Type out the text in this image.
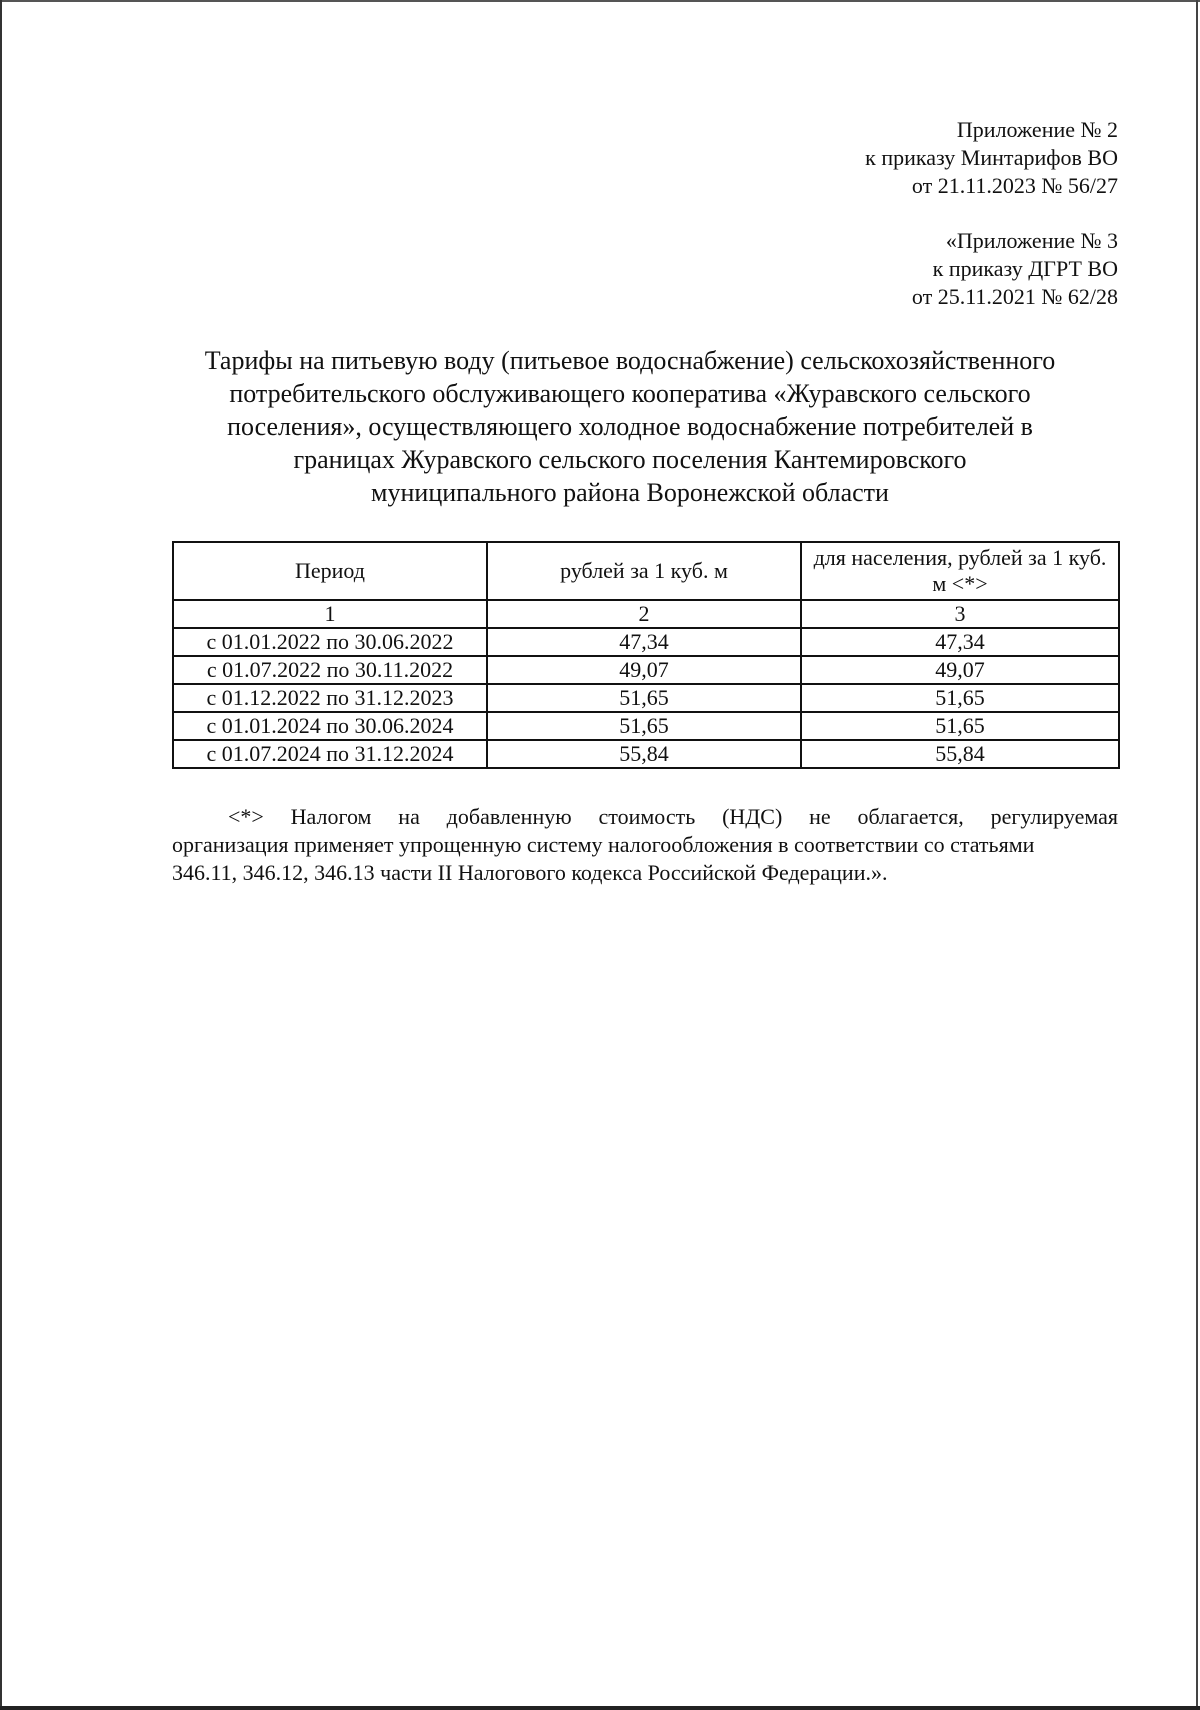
Приложение № 2
к приказу Минтарифов ВО
от 21.11.2023 № 56/27
«Приложение № 3
к приказу ДГРТ ВО
от 25.11.2021 № 62/28
Тарифы на питьевую воду (питьевое водоснабжение) сельскохозяйственного
потребительского обслуживающего кооператива «Журавского сельского
поселения», осуществляющего холодное водоснабжение потребителей в
границах Журавского сельского поселения Кантемировского
муниципального района Воронежской области
Период	рублей за 1 куб. м	для населения, рублей за 1 куб. м <*>
1	2	3
с 01.01.2022 по 30.06.2022	47,34	47,34
с 01.07.2022 по 30.11.2022	49,07	49,07
с 01.12.2022 по 31.12.2023	51,65	51,65
с 01.01.2024 по 30.06.2024	51,65	51,65
с 01.07.2024 по 31.12.2024	55,84	55,84
<*> Налогом на добавленную стоимость (НДС) не облагается, регулируемая
организация применяет упрощенную систему налогообложения в соответствии со статьями
346.11, 346.12, 346.13 части II Налогового кодекса Российской Федерации.».
